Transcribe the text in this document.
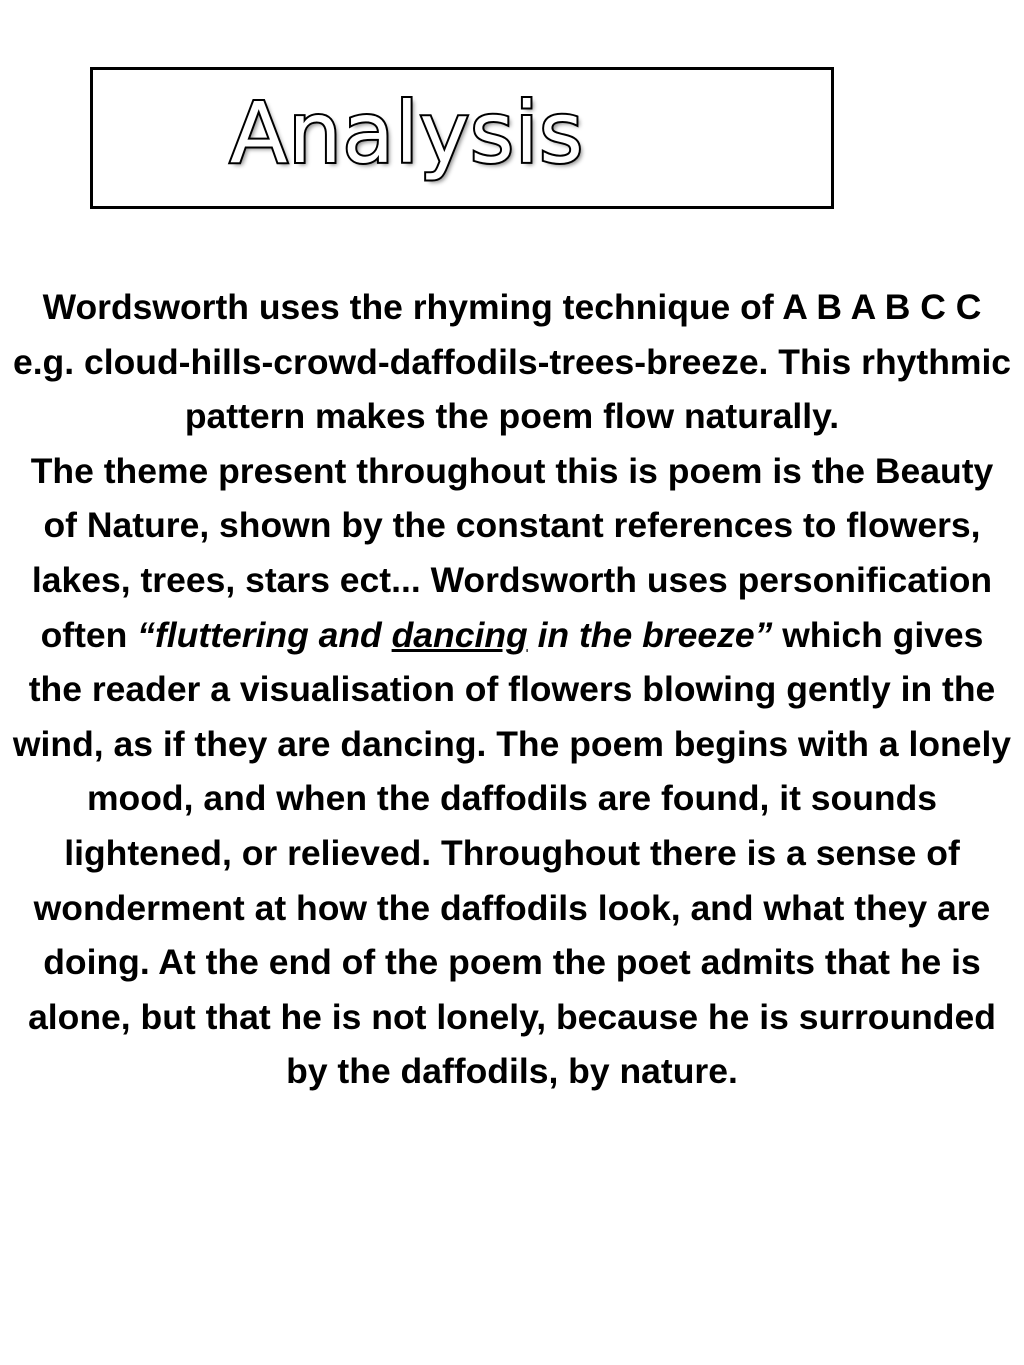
Analysis

Wordsworth uses the rhyming technique of A B A B C C e.g. cloud-hills-crowd-daffodils-trees-breeze. This rhythmic pattern makes the poem flow naturally.

The theme present throughout this is poem is the Beauty of Nature, shown by the constant references to flowers, lakes, trees, stars ect... Wordsworth uses personification often “fluttering and dancing in the breeze” which gives the reader a visualisation of flowers blowing gently in the wind, as if they are dancing. The poem begins with a lonely mood, and when the daffodils are found, it sounds lightened, or relieved. Throughout there is a sense of wonderment at how the daffodils look, and what they are doing. At the end of the poem the poet admits that he is alone, but that he is not lonely, because he is surrounded by the daffodils, by nature.
